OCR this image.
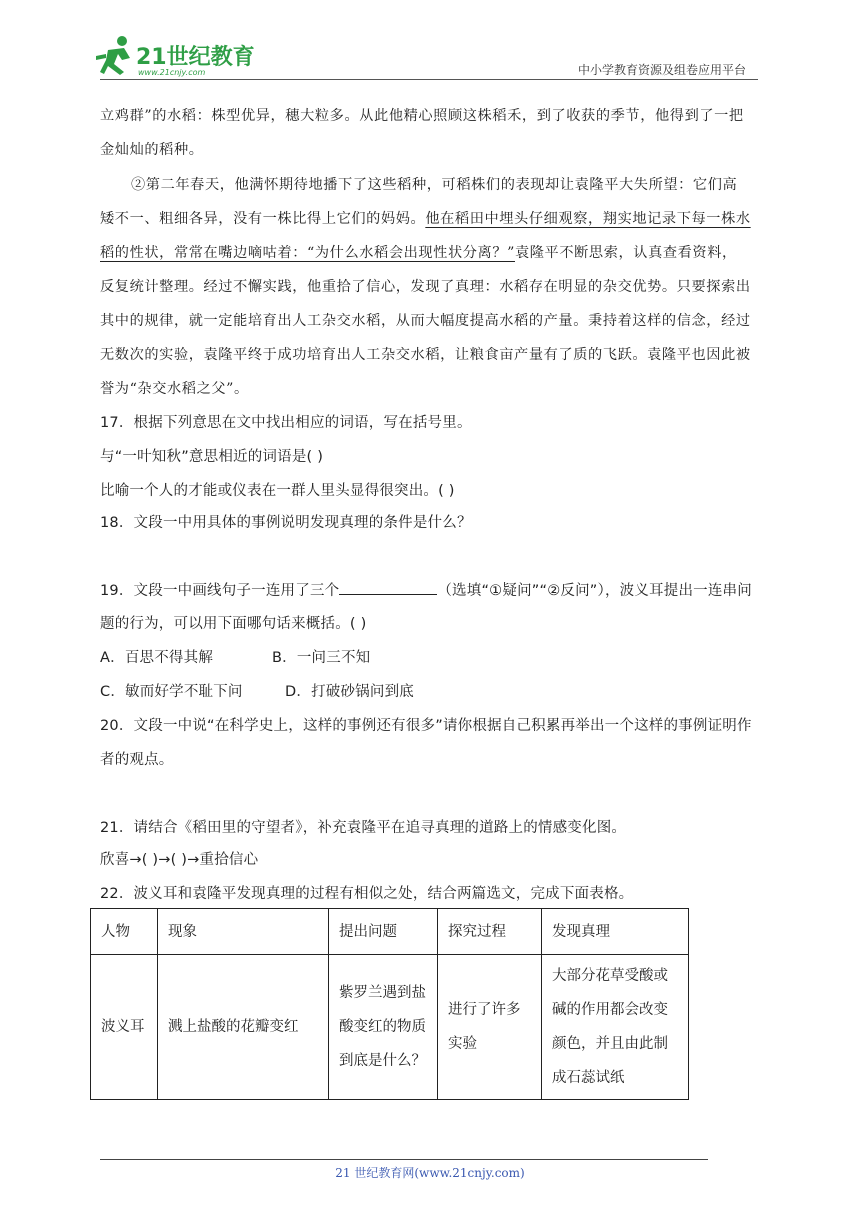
21世纪教育
www.21cnjy.com	中小学教育资源及组卷应用平台
立鸡群”的水稻：株型优异，穗大粒多。从此他精心照顾这株稻禾，到了收获的季节，他得到了一把
金灿灿的稻种。
②第二年春天，他满怀期待地播下了这些稻种，可稻株们的表现却让袁隆平大失所望：它们高
矮不一、粗细各异，没有一株比得上它们的妈妈。他在稻田中埋头仔细观察，翔实地记录下每一株水
稻的性状，常常在嘴边嘀咕着：“为什么水稻会出现性状分离？”袁隆平不断思索，认真查看资料，
反复统计整理。经过不懈实践，他重拾了信心，发现了真理：水稻存在明显的杂交优势。只要探索出
其中的规律，就一定能培育出人工杂交水稻，从而大幅度提高水稻的产量。秉持着这样的信念，经过
无数次的实验，袁隆平终于成功培育出人工杂交水稻，让粮食亩产量有了质的飞跃。袁隆平也因此被
誉为“杂交水稻之父”。
17．根据下列意思在文中找出相应的词语，写在括号里。
与“一叶知秋”意思相近的词语是( )
比喻一个人的才能或仪表在一群人里头显得很突出。( )
18．文段一中用具体的事例说明发现真理的条件是什么？
19．文段一中画线句子一连用了三个	（选填“①疑问”“②反问”），波义耳提出一连串问
题的行为，可以用下面哪句话来概括。( )
A．百思不得其解	B．一问三不知
C．敏而好学不耻下问	D．打破砂锅问到底
20．文段一中说“在科学史上，这样的事例还有很多”请你根据自己积累再举出一个这样的事例证明作
者的观点。
21．请结合《稻田里的守望者》，补充袁隆平在追寻真理的道路上的情感变化图。
欣喜→( )→( )→重拾信心
22．波义耳和袁隆平发现真理的过程有相似之处，结合两篇选文，完成下面表格。
人物	现象	提出问题	探究过程	发现真理
波义耳	溅上盐酸的花瓣变红	紫罗兰遇到盐酸变红的物质到底是什么？	进行了许多实验	大部分花草受酸或碱的作用都会改变颜色，并且由此制成石蕊试纸
21 世纪教育网(www.21cnjy.com)
